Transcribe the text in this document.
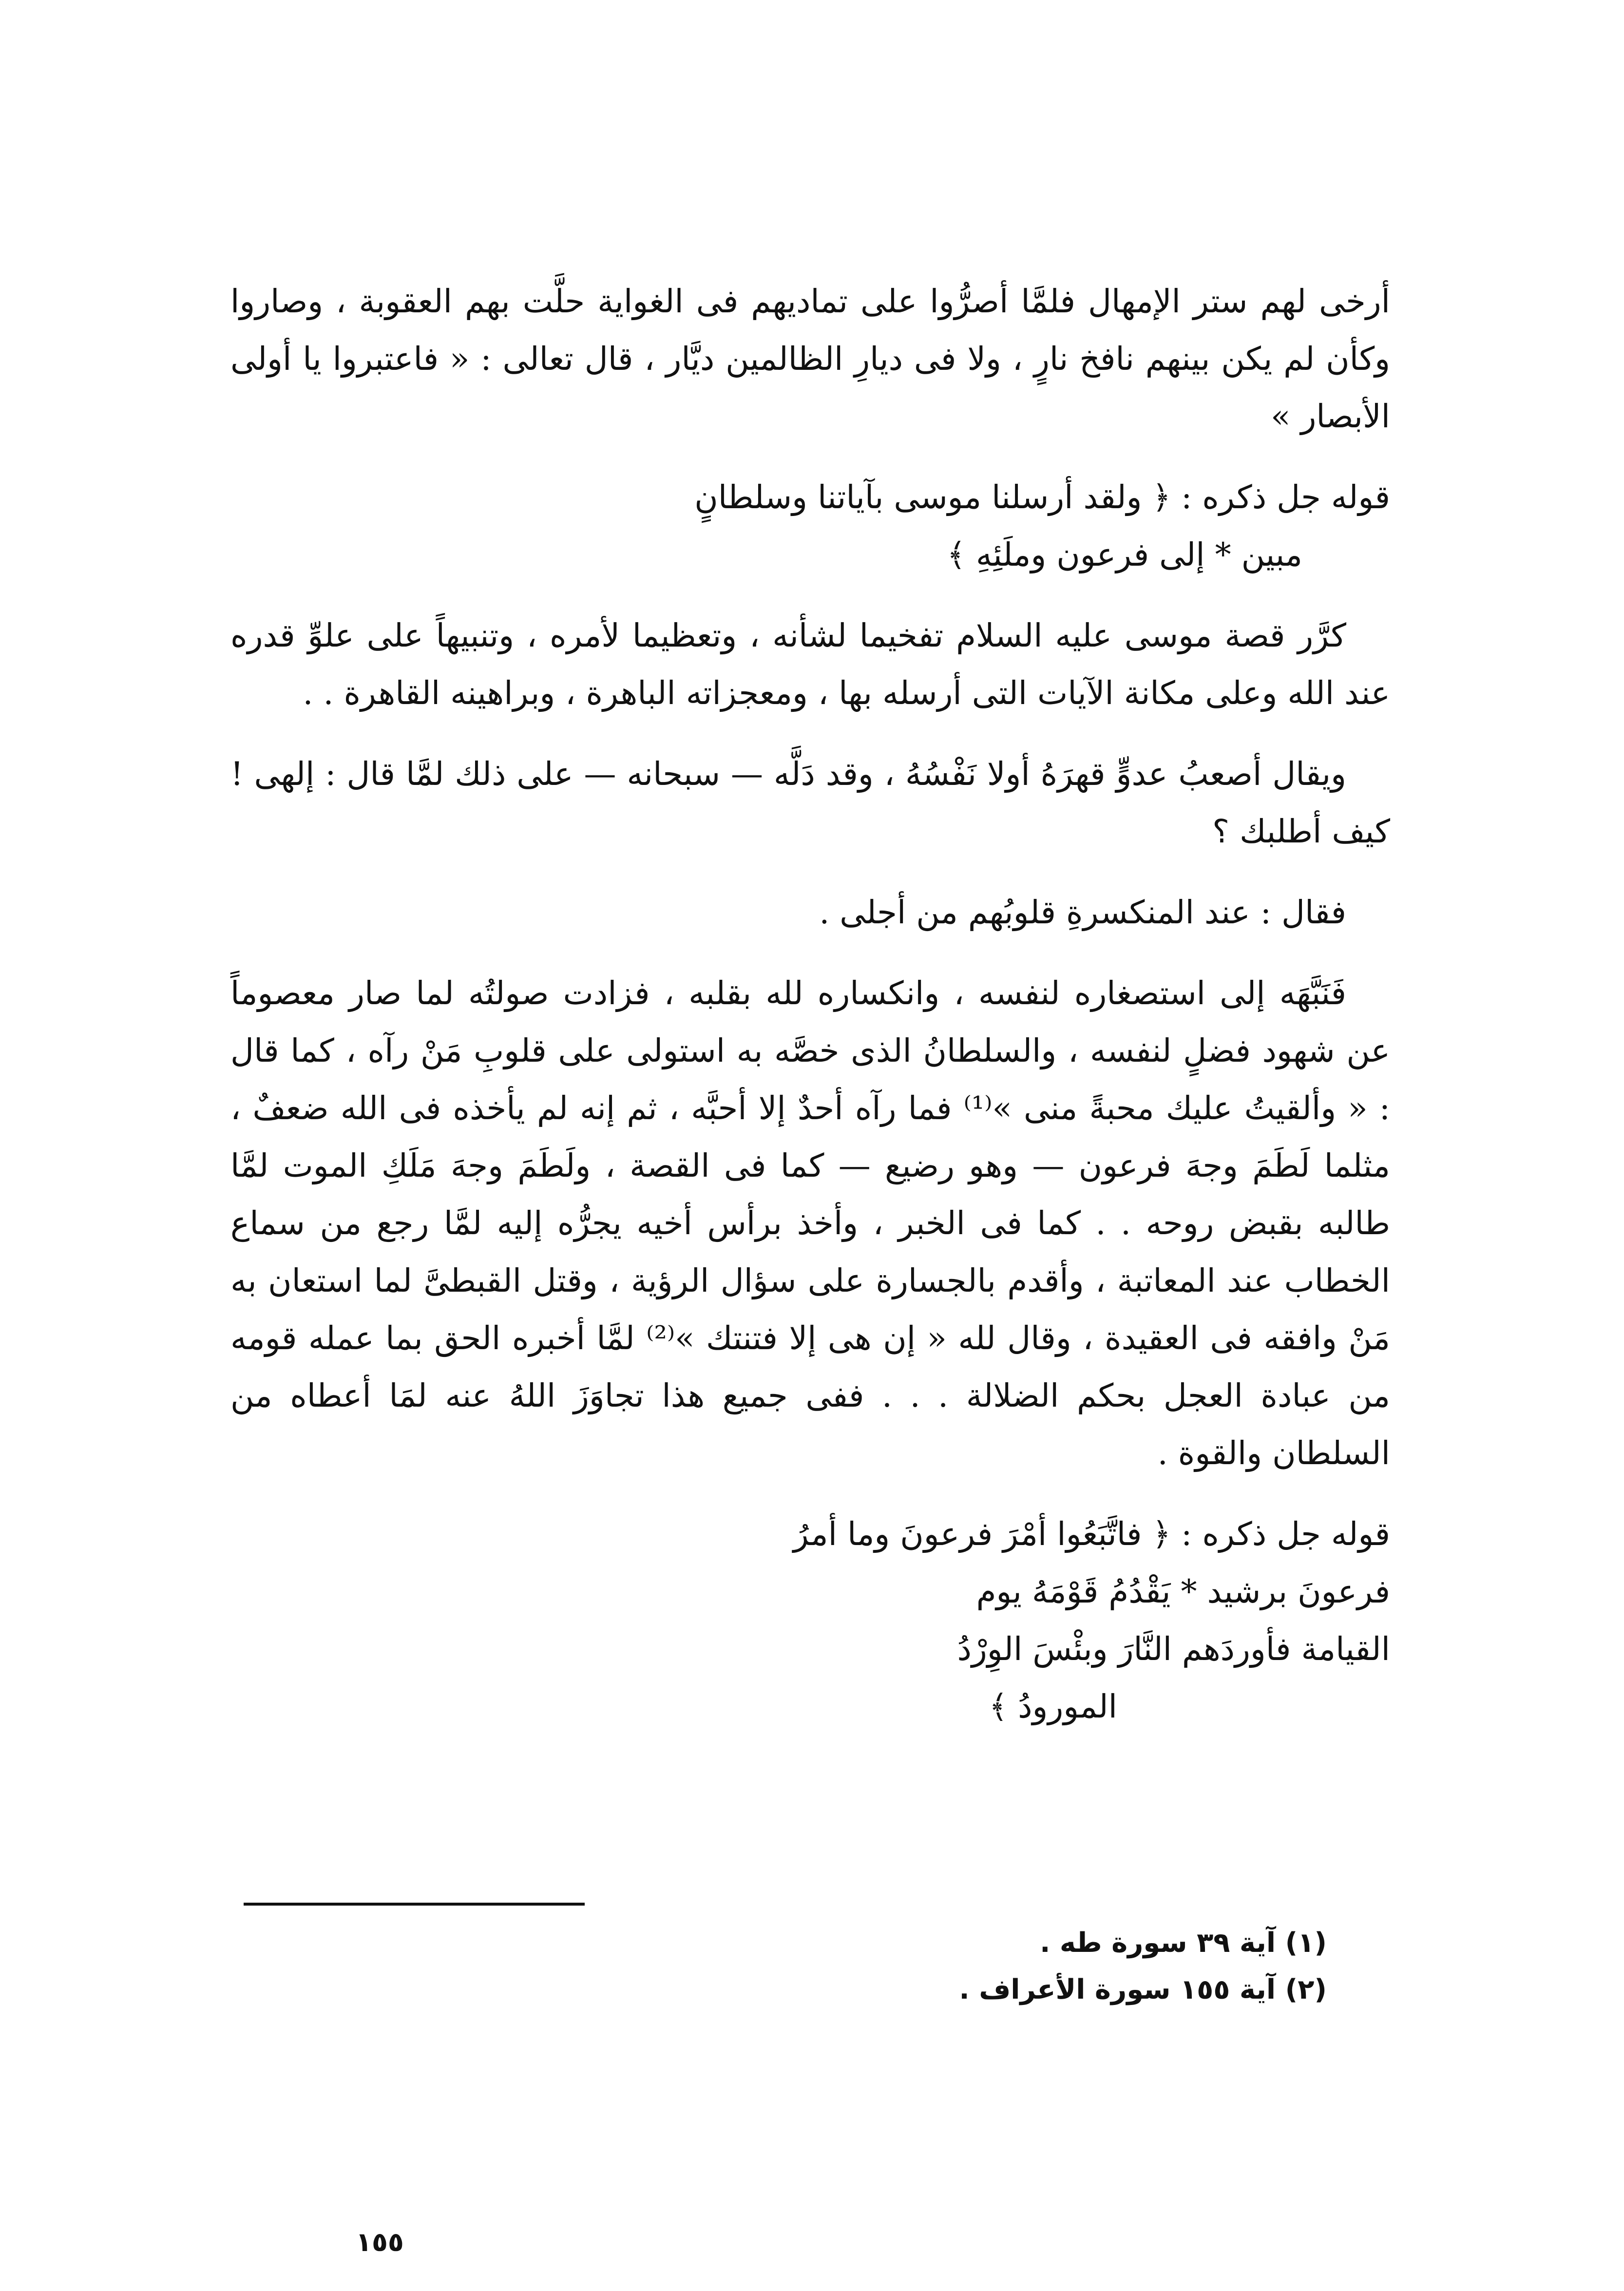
أرخى لهم ستر الإمهال فلمَّا أصرُّوا على تماديهم فى الغواية حلَّت بهم العقوبة ، وصاروا وكأن لم يكن بينهم نافخ نارٍ ، ولا فى ديارِ الظالمين ديَّار ، قال تعالى : « فاعتبروا يا أولى الأبصار »

قوله جل ذكره : ﴿ ولقد أرسلنا موسى بآياتنا وسلطانٍ
مبين * إلى فرعون وملَئِهِ ﴾

كرَّر قصة موسى عليه السلام تفخيما لشأنه ، وتعظيما لأمره ، وتنبيهاً على علوِّ قدره عند الله وعلى مكانة الآيات التى أرسله بها ، ومعجزاته الباهرة ، وبراهينه القاهرة . .

ويقال أصعبُ عدوٍّ قهرَهُ أولا نَفْسُهُ ، وقد دَلَّه — سبحانه — على ذلك لمَّا قال : إلهى ! كيف أطلبك ؟

فقال : عند المنكسرةِ قلوبُهم من أجلى .

فَنَبَّهَه إلى استصغاره لنفسه ، وانكساره لله بقلبه ، فزادت صولتُه لما صار معصوماً عن شهود فضلٍ لنفسه ، والسلطانُ الذى خصَّه به استولى على قلوبِ مَنْ رآه ، كما قال : « وألقيتُ عليك محبةً منى »⁽¹⁾ فما رآه أحدٌ إلا أحبَّه ، ثم إنه لم يأخذه فى الله ضعفٌ ، مثلما لَطَمَ وجهَ فرعون — وهو رضيع — كما فى القصة ، ولَطَمَ وجهَ مَلَكِ الموت لمَّا طالبه بقبض روحه . . كما فى الخبر ، وأخذ برأس أخيه يجرُّه إليه لمَّا رجع من سماع الخطاب عند المعاتبة ، وأقدم بالجسارة على سؤال الرؤية ، وقتل القبطىَّ لما استعان به مَنْ وافقه فى العقيدة ، وقال لله « إن هى إلا فتنتك »⁽²⁾ لمَّا أخبره الحق بما عمله قومه من عبادة العجل بحكم الضلالة . . . ففى جميع هذا تجاوَزَ اللهُ عنه لمَا أعطاه من السلطان والقوة .

قوله جل ذكره : ﴿ فاتَّبَعُوا أمْرَ فرعونَ وما أمرُ
فرعونَ برشيد * يَقْدُمُ قَوْمَهُ يوم
القيامة فأوردَهم النَّارَ وبئْسَ الوِرْدُ
المورودُ ﴾
(١) آية ٣٩ سورة طه .
(٢) آية ١٥٥ سورة الأعراف .
١٥٥
